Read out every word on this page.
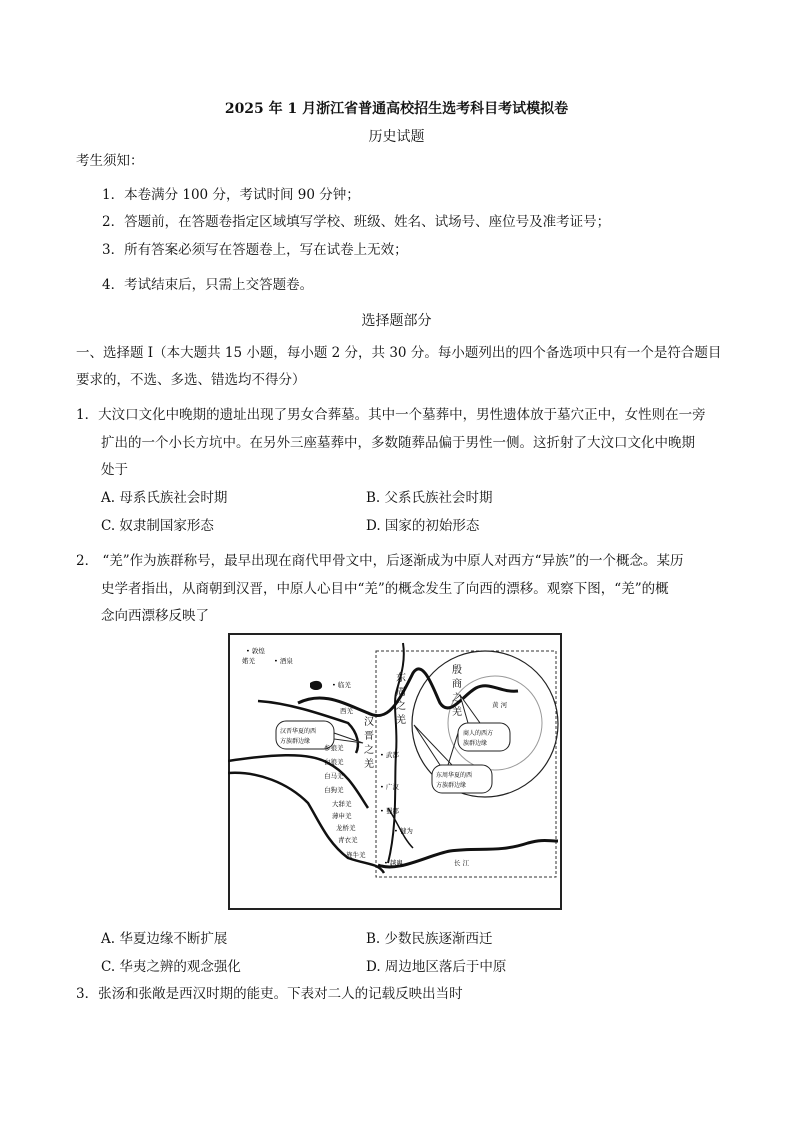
2025 年 1 月浙江省普通高校招生选考科目考试模拟卷
历史试题
考生须知：
1．本卷满分 100 分，考试时间 90 分钟；
2．答题前，在答题卷指定区域填写学校、班级、姓名、试场号、座位号及准考证号；
3．所有答案必须写在答题卷上，写在试卷上无效；
4．考试结束后，只需上交答题卷。
选择题部分
一、选择题 I（本大题共 15 小题，每小题 2 分，共 30 分。每小题列出的四个备选项中只有一个是符合题目
要求的，不选、多选、错选均不得分）
1．大汶口文化中晚期的遗址出现了男女合葬墓。其中一个墓葬中，男性遗体放于墓穴正中，女性则在一旁
扩出的一个小长方坑中。在另外三座墓葬中，多数随葬品偏于男性一侧。这折射了大汶口文化中晚期
处于
A. 母系氏族社会时期	B. 父系氏族社会时期
C. 奴隶制国家形态	D. 国家的初始形态
2． “羌”作为族群称号，最早出现在商代甲骨文中，后逐渐成为中原人对西方“异族”的一个概念。某历
史学者指出，从商朝到汉晋，中原人心目中“羌”的概念发生了向西的漂移。观察下图，“羌”的概
念向西漂移反映了
• 敦煌
婼羌	• 酒泉
• 临羌
西羌
汉
晋
之
羌
东
周
之
羌
殷
商
之
羌
黄 河
长 江
• 武都
• 广汉
• 蜀郡
• 犍为
• 越巂
参狼羌
白狼羌
白马羌
白狗羌
大牂羌
薄申羌
龙桥羌
青衣羌
旄牛羌
汉晋华夏的西
方族群边缘
商人的西方
族群边缘
东周华夏的西
方族群边缘
A. 华夏边缘不断扩展	B. 少数民族逐渐西迁
C. 华夷之辨的观念强化	D. 周边地区落后于中原
3．张汤和张敞是西汉时期的能吏。下表对二人的记载反映出当时
